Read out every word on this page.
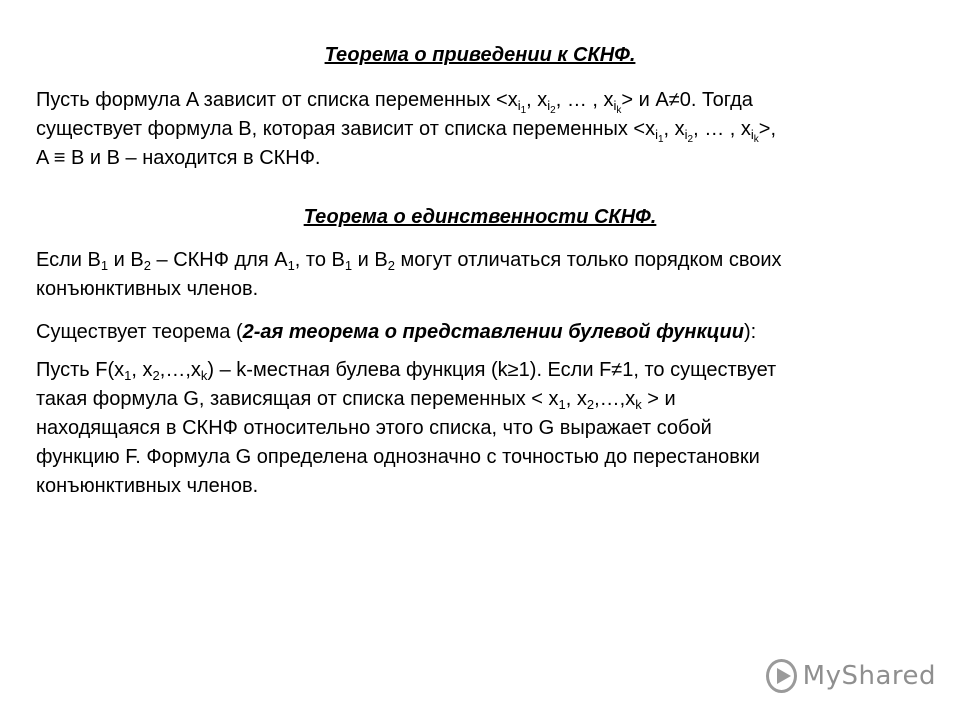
Теорема о приведении к СКНФ.
Пусть формула A зависит от списка переменных $<x_{i_1}$, $x_{i_2}$, … , $x_{i_k}> и$ A≠0. Тогда
существует формула B, которая зависит от списка переменных $<x_{i_1}$, $x_{i_2}$, … , $x_{i_k}>$,
A ≡ B и B – находится в СКНФ.
Теорема о единственности СКНФ.
Если $B_1$ и $B_2$ – СКНФ для $A_1$, то $B_1$ и $B_2$ могут отличаться только порядком своих
конъюнктивных членов.
Существует теорема (2-ая теорема о представлении булевой функции):
Пусть $F(x_1$, $x_2,\dots,x_k$) – k-местная булева функция (k≥1). Если F≠1, то существует
такая формула G, зависящая от списка переменных < $x_1$, $x_2,\dots,x_k > и$
находящаяся в СКНФ относительно этого списка, что G выражает собой
функцию F. Формула G определена однозначно с точностью до перестановки
конъюнктивных членов.
MyShared
